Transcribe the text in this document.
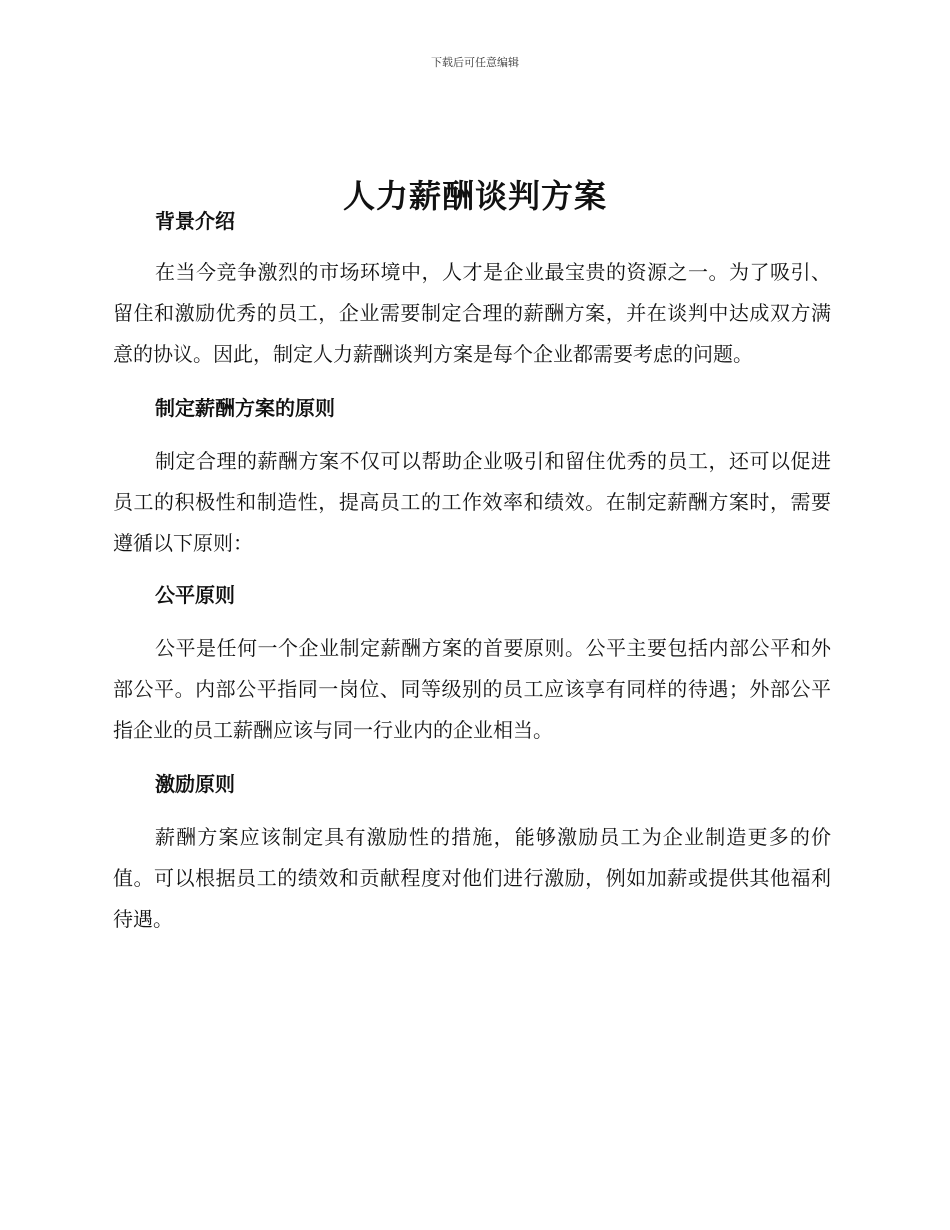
下载后可任意编辑
人力薪酬谈判方案
背景介绍

在当今竞争激烈的市场环境中，人才是企业最宝贵的资源之一。为了吸引、留住和激励优秀的员工，企业需要制定合理的薪酬方案，并在谈判中达成双方满意的协议。因此，制定人力薪酬谈判方案是每个企业都需要考虑的问题。

制定薪酬方案的原则

制定合理的薪酬方案不仅可以帮助企业吸引和留住优秀的员工，还可以促进员工的积极性和制造性，提高员工的工作效率和绩效。在制定薪酬方案时，需要遵循以下原则：

公平原则

公平是任何一个企业制定薪酬方案的首要原则。公平主要包括内部公平和外部公平。内部公平指同一岗位、同等级别的员工应该享有同样的待遇；外部公平指企业的员工薪酬应该与同一行业内的企业相当。

激励原则

薪酬方案应该制定具有激励性的措施，能够激励员工为企业制造更多的价值。可以根据员工的绩效和贡献程度对他们进行激励，例如加薪或提供其他福利待遇。
